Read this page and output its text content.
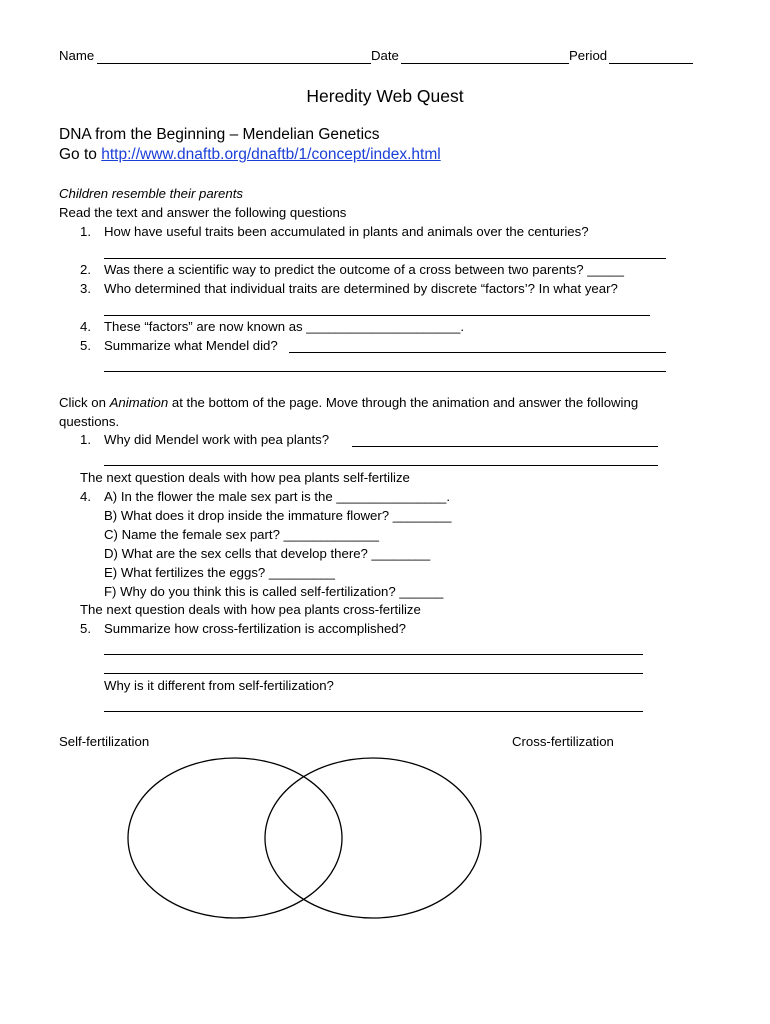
Name	Date	Period
Heredity Web Quest
DNA from the Beginning – Mendelian Genetics
Go to http://www.dnaftb.org/dnaftb/1/concept/index.html
Children resemble their parents
Read the text and answer the following questions
1. How have useful traits been accumulated in plants and animals over the centuries?
2. Was there a scientific way to predict the outcome of a cross between two parents? _____
3. Who determined that individual traits are determined by discrete “factors’? In what year?
4. These “factors” are now known as _____________________.
5. Summarize what Mendel did?
Click on Animation at the bottom of the page. Move through the animation and answer the following
questions.
1. Why did Mendel work with pea plants?
The next question deals with how pea plants self-fertilize
4. A) In the flower the male sex part is the _______________.
B) What does it drop inside the immature flower? ________
C) Name the female sex part? _____________
D) What are the sex cells that develop there? ________
E) What fertilizes the eggs? _________
F) Why do you think this is called self-fertilization? ______
The next question deals with how pea plants cross-fertilize
5. Summarize how cross-fertilization is accomplished?
Why is it different from self-fertilization?
Self-fertilization	Cross-fertilization
